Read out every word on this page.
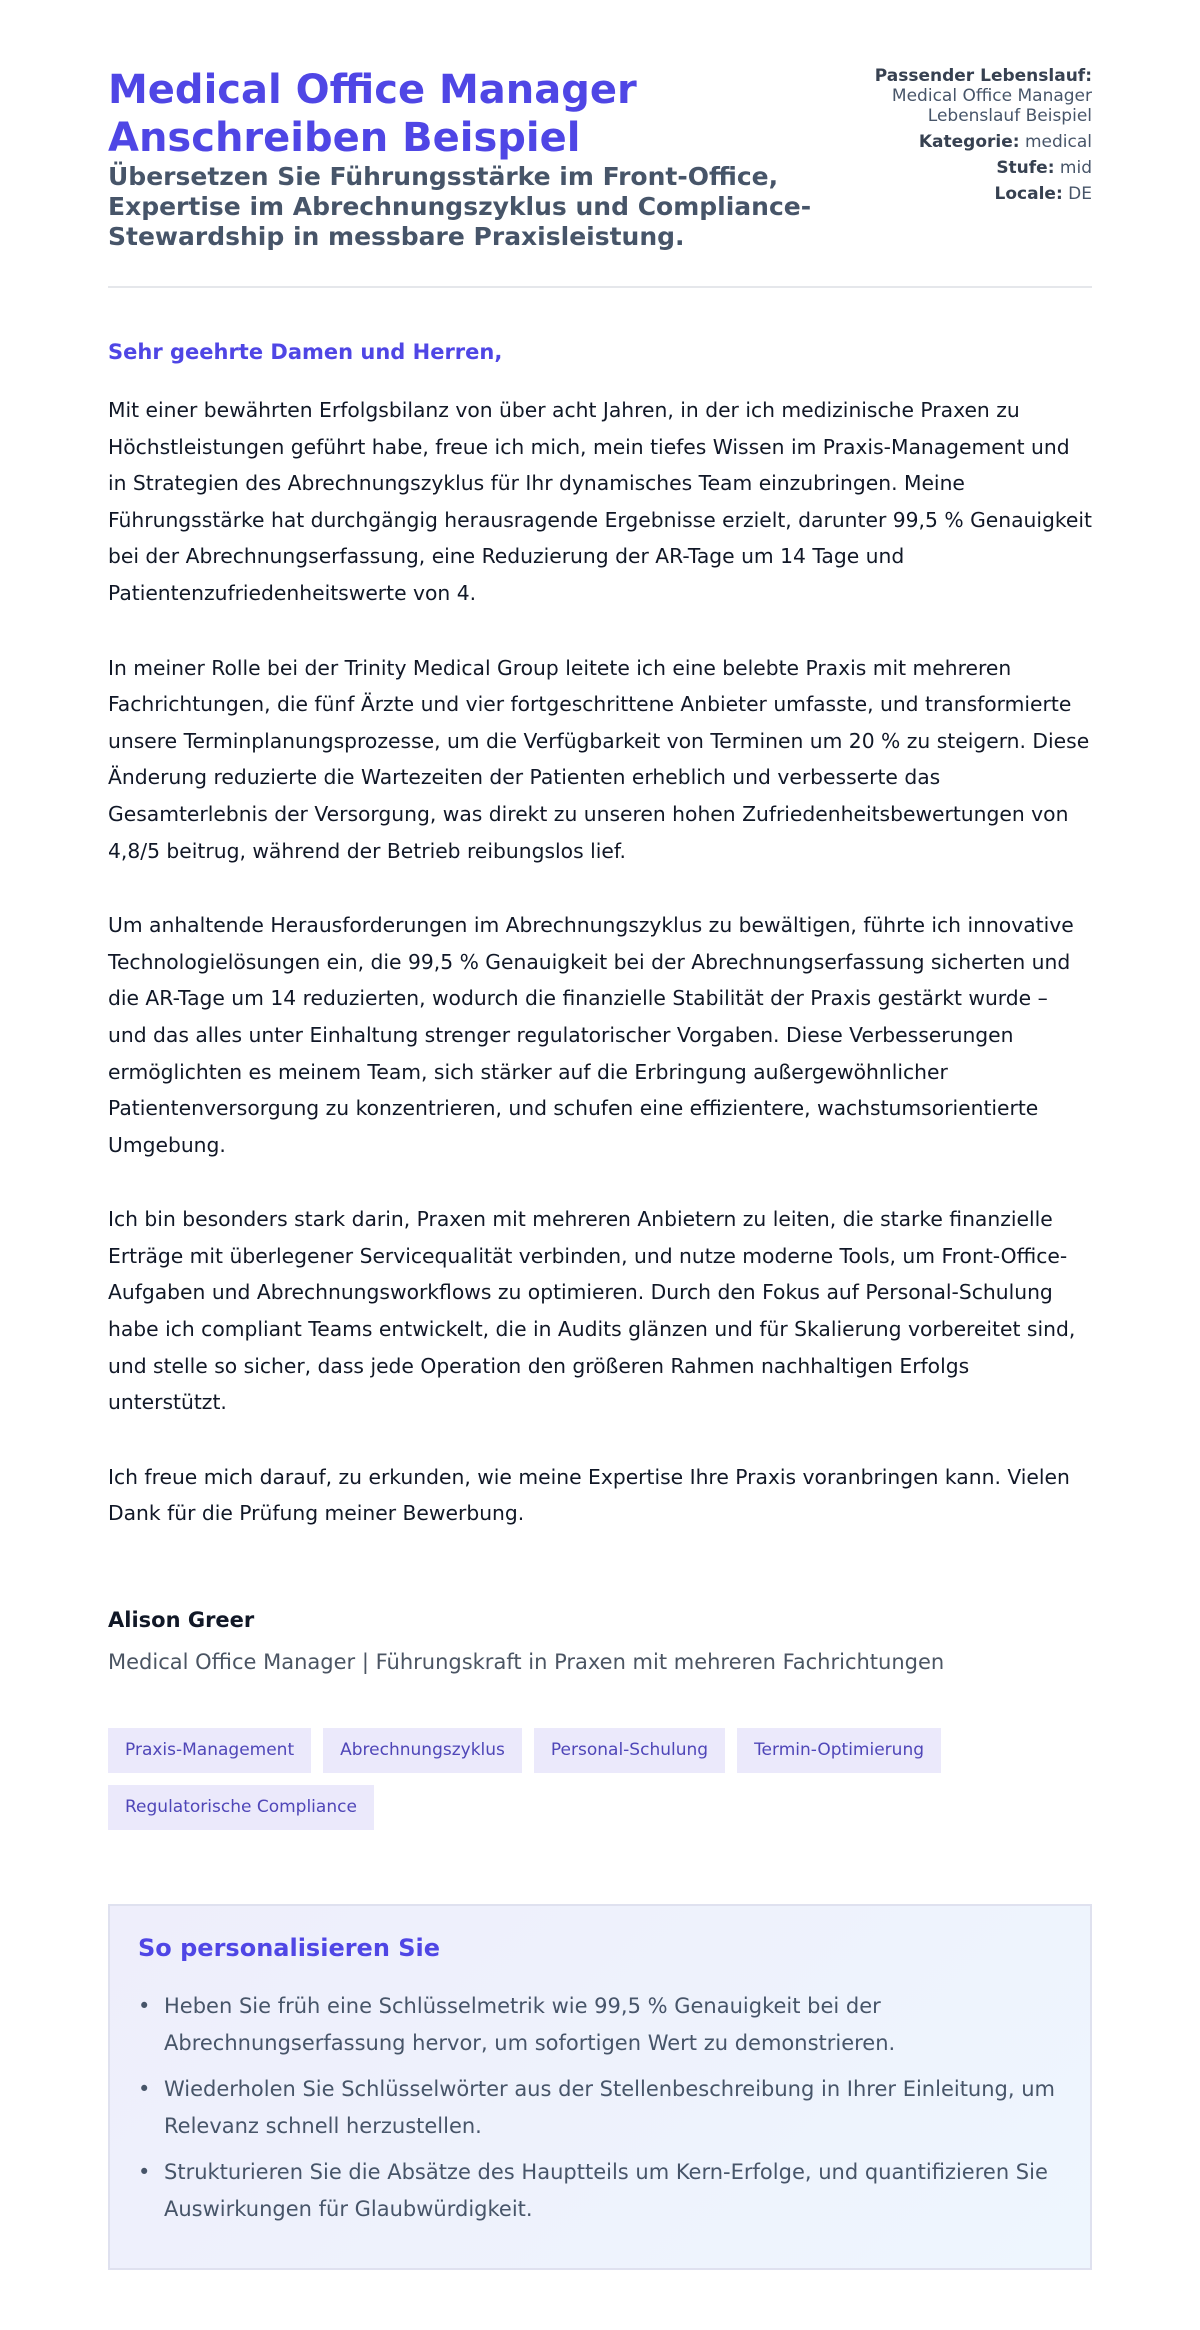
Medical Office Manager Anschreiben Beispiel
Übersetzen Sie Führungsstärke im Front-Office, Expertise im Abrechnungszyklus und Compliance-Stewardship in messbare Praxisleistung.
Passender Lebenslauf:
Medical Office Manager Lebenslauf Beispiel
Kategorie: medical
Stufe: mid
Locale: DE

Sehr geehrte Damen und Herren,

Mit einer bewährten Erfolgsbilanz von über acht Jahren, in der ich medizinische Praxen zu Höchstleistungen geführt habe, freue ich mich, mein tiefes Wissen im Praxis-Management und in Strategien des Abrechnungszyklus für Ihr dynamisches Team einzubringen. Meine Führungsstärke hat durchgängig herausragende Ergebnisse erzielt, darunter 99,5 % Genauigkeit bei der Abrechnungserfassung, eine Reduzierung der AR-Tage um 14 Tage und Patientenzufriedenheitswerte von 4.

In meiner Rolle bei der Trinity Medical Group leitete ich eine belebte Praxis mit mehreren Fachrichtungen, die fünf Ärzte und vier fortgeschrittene Anbieter umfasste, und transformierte unsere Terminplanungsprozesse, um die Verfügbarkeit von Terminen um 20 % zu steigern. Diese Änderung reduzierte die Wartezeiten der Patienten erheblich und verbesserte das Gesamterlebnis der Versorgung, was direkt zu unseren hohen Zufriedenheitsbewertungen von 4,8/5 beitrug, während der Betrieb reibungslos lief.

Um anhaltende Herausforderungen im Abrechnungszyklus zu bewältigen, führte ich innovative Technologielösungen ein, die 99,5 % Genauigkeit bei der Abrechnungserfassung sicherten und die AR-Tage um 14 reduzierten, wodurch die finanzielle Stabilität der Praxis gestärkt wurde – und das alles unter Einhaltung strenger regulatorischer Vorgaben. Diese Verbesserungen ermöglichten es meinem Team, sich stärker auf die Erbringung außergewöhnlicher Patientenversorgung zu konzentrieren, und schufen eine effizientere, wachstumsorientierte Umgebung.

Ich bin besonders stark darin, Praxen mit mehreren Anbietern zu leiten, die starke finanzielle Erträge mit überlegener Servicequalität verbinden, und nutze moderne Tools, um Front-Office-Aufgaben und Abrechnungsworkflows zu optimieren. Durch den Fokus auf Personal-Schulung habe ich compliant Teams entwickelt, die in Audits glänzen und für Skalierung vorbereitet sind, und stelle so sicher, dass jede Operation den größeren Rahmen nachhaltigen Erfolgs unterstützt.

Ich freue mich darauf, zu erkunden, wie meine Expertise Ihre Praxis voranbringen kann. Vielen Dank für die Prüfung meiner Bewerbung.

Alison Greer

Medical Office Manager | Führungskraft in Praxen mit mehreren Fachrichtungen

Praxis-Management	Abrechnungszyklus	Personal-Schulung	Termin-Optimierung
Regulatorische Compliance
So personalisieren Sie
• Heben Sie früh eine Schlüsselmetrik wie 99,5 % Genauigkeit bei der Abrechnungserfassung hervor, um sofortigen Wert zu demonstrieren.
• Wiederholen Sie Schlüsselwörter aus der Stellenbeschreibung in Ihrer Einleitung, um Relevanz schnell herzustellen.
• Strukturieren Sie die Absätze des Hauptteils um Kern-Erfolge, und quantifizieren Sie Auswirkungen für Glaubwürdigkeit.
